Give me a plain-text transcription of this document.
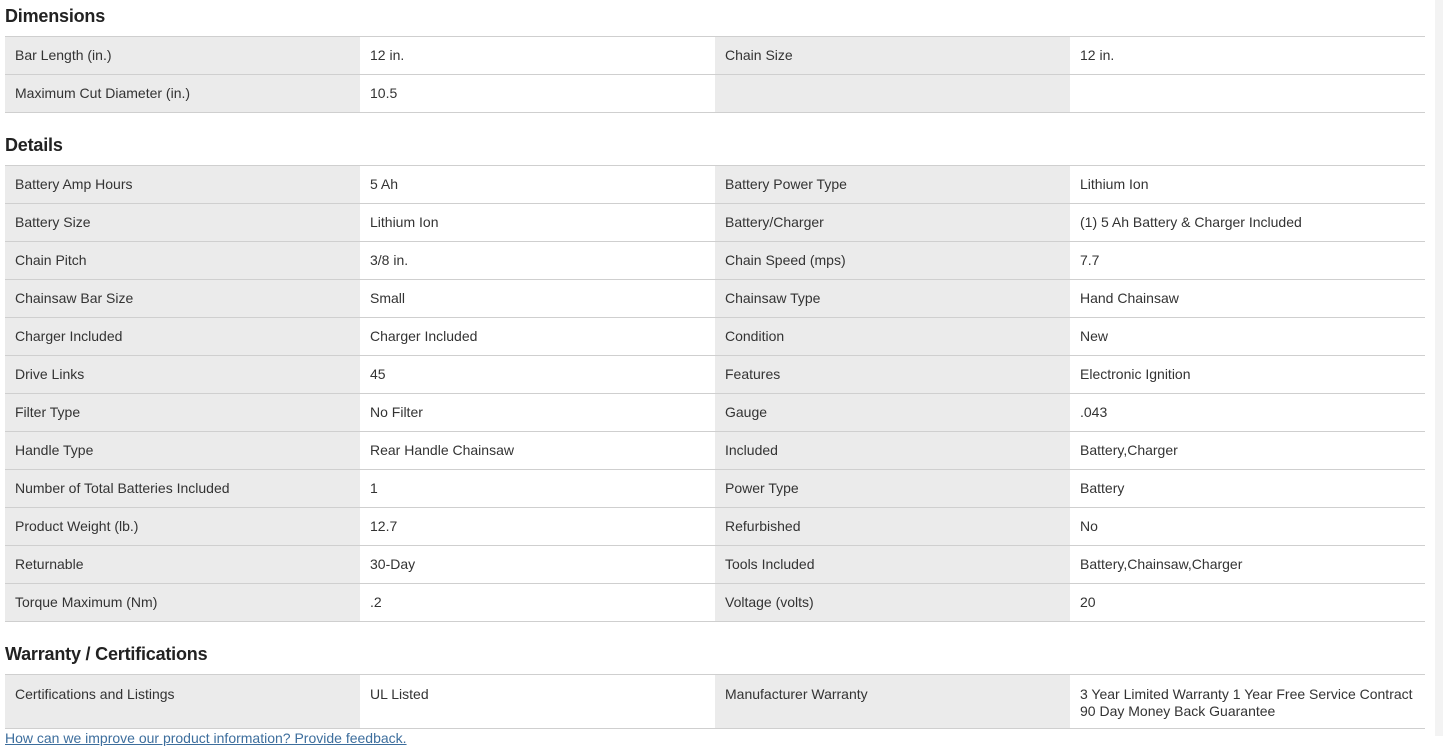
Dimensions
Bar Length (in.)	12 in.	Chain Size	12 in.
Maximum Cut Diameter (in.)	10.5		
Details
Battery Amp Hours	5 Ah	Battery Power Type	Lithium Ion
Battery Size	Lithium Ion	Battery/Charger	(1) 5 Ah Battery & Charger Included
Chain Pitch	3/8 in.	Chain Speed (mps)	7.7
Chainsaw Bar Size	Small	Chainsaw Type	Hand Chainsaw
Charger Included	Charger Included	Condition	New
Drive Links	45	Features	Electronic Ignition
Filter Type	No Filter	Gauge	.043
Handle Type	Rear Handle Chainsaw	Included	Battery,Charger
Number of Total Batteries Included	1	Power Type	Battery
Product Weight (lb.)	12.7	Refurbished	No
Returnable	30-Day	Tools Included	Battery,Chainsaw,Charger
Torque Maximum (Nm)	.2	Voltage (volts)	20
Warranty / Certifications
Certifications and Listings	UL Listed	Manufacturer Warranty	3 Year Limited Warranty 1 Year Free Service Contract 90 Day Money Back Guarantee
How can we improve our product information? Provide feedback.
